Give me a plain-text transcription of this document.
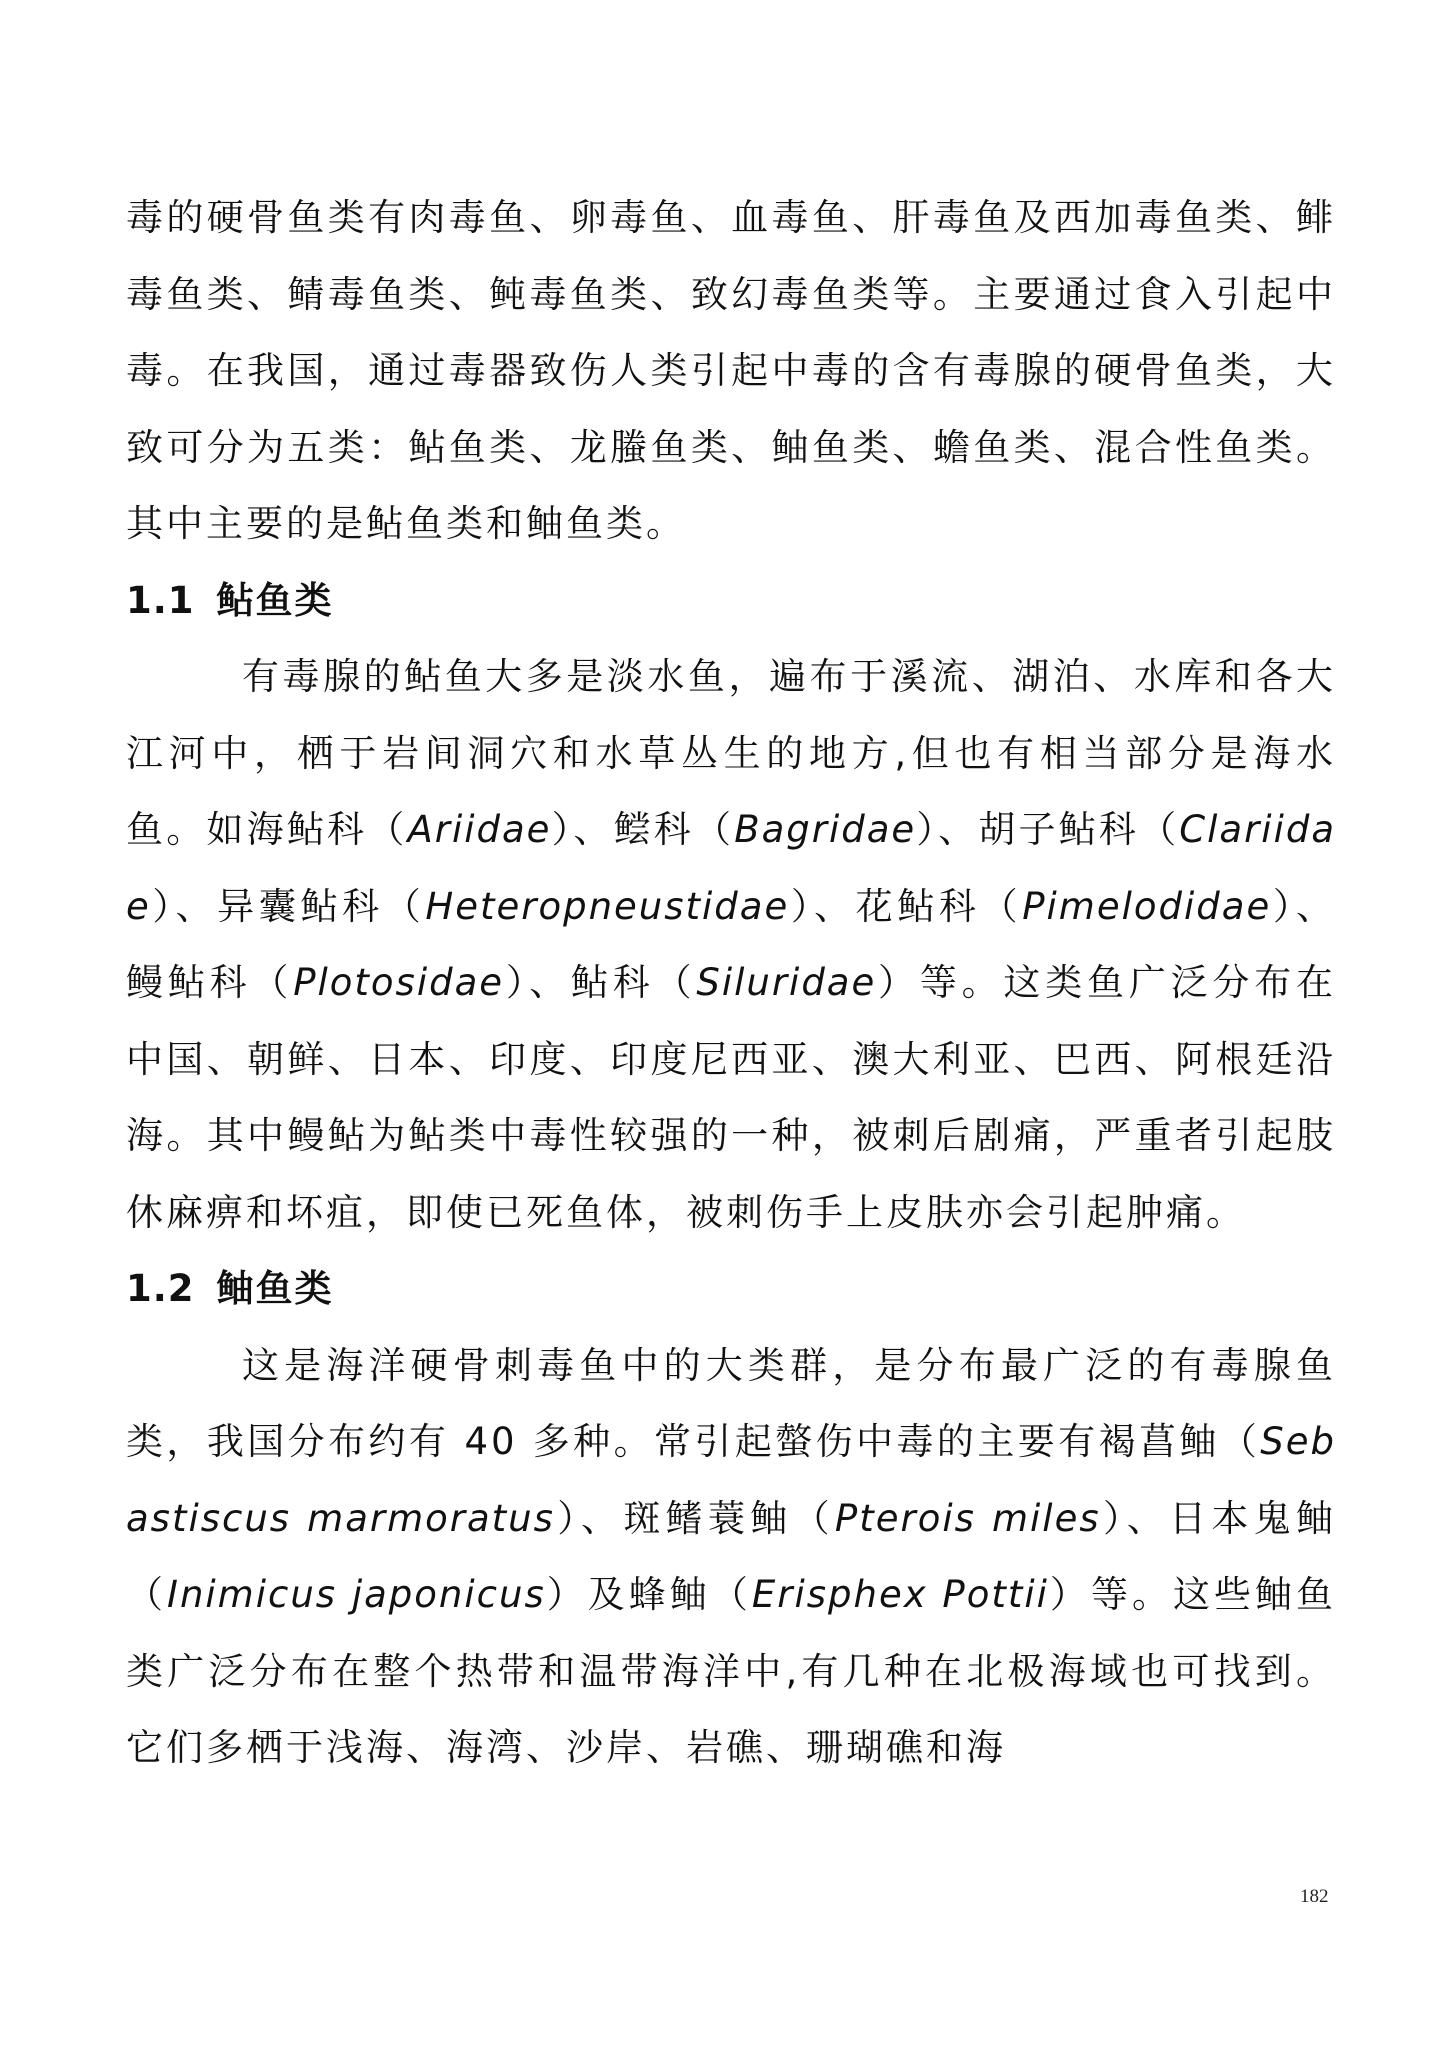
毒的硬骨鱼类有肉毒鱼、卵毒鱼、血毒鱼、肝毒鱼及西加毒鱼类、鲱毒鱼类、鲭毒鱼类、鲀毒鱼类、致幻毒鱼类等。主要通过食入引起中毒。在我国，通过毒器致伤人类引起中毒的含有毒腺的硬骨鱼类，大致可分为五类：鲇鱼类、龙螣鱼类、鲉鱼类、蟾鱼类、混合性鱼类。其中主要的是鲇鱼类和鲉鱼类。

1.1 鲇鱼类

有毒腺的鲇鱼大多是淡水鱼，遍布于溪流、湖泊、水库和各大江河中，栖于岩间洞穴和水草丛生的地方,但也有相当部分是海水鱼。如海鲇科（Ariidae）、鲿科（Bagridae）、胡子鲇科（Clariidae）、异囊鲇科（Heteropneustidae）、花鲇科（Pimelodidae）、鳗鲇科（Plotosidae）、鲇科（Siluridae）等。这类鱼广泛分布在中国、朝鲜、日本、印度、印度尼西亚、澳大利亚、巴西、阿根廷沿海。其中鳗鲇为鲇类中毒性较强的一种，被刺后剧痛，严重者引起肢休麻痹和坏疽，即使已死鱼体，被刺伤手上皮肤亦会引起肿痛。

1.2 鲉鱼类

这是海洋硬骨刺毒鱼中的大类群，是分布最广泛的有毒腺鱼类，我国分布约有 40 多种。常引起螫伤中毒的主要有褐菖鲉（Sebastiscus marmoratus）、斑鳍蓑鲉（Pterois miles）、日本鬼鲉（Inimicus japonicus）及蜂鲉（Erisphex Pottii）等。这些鲉鱼类广泛分布在整个热带和温带海洋中,有几种在北极海域也可找到。它们多栖于浅海、海湾、沙岸、岩礁、珊瑚礁和海

182
